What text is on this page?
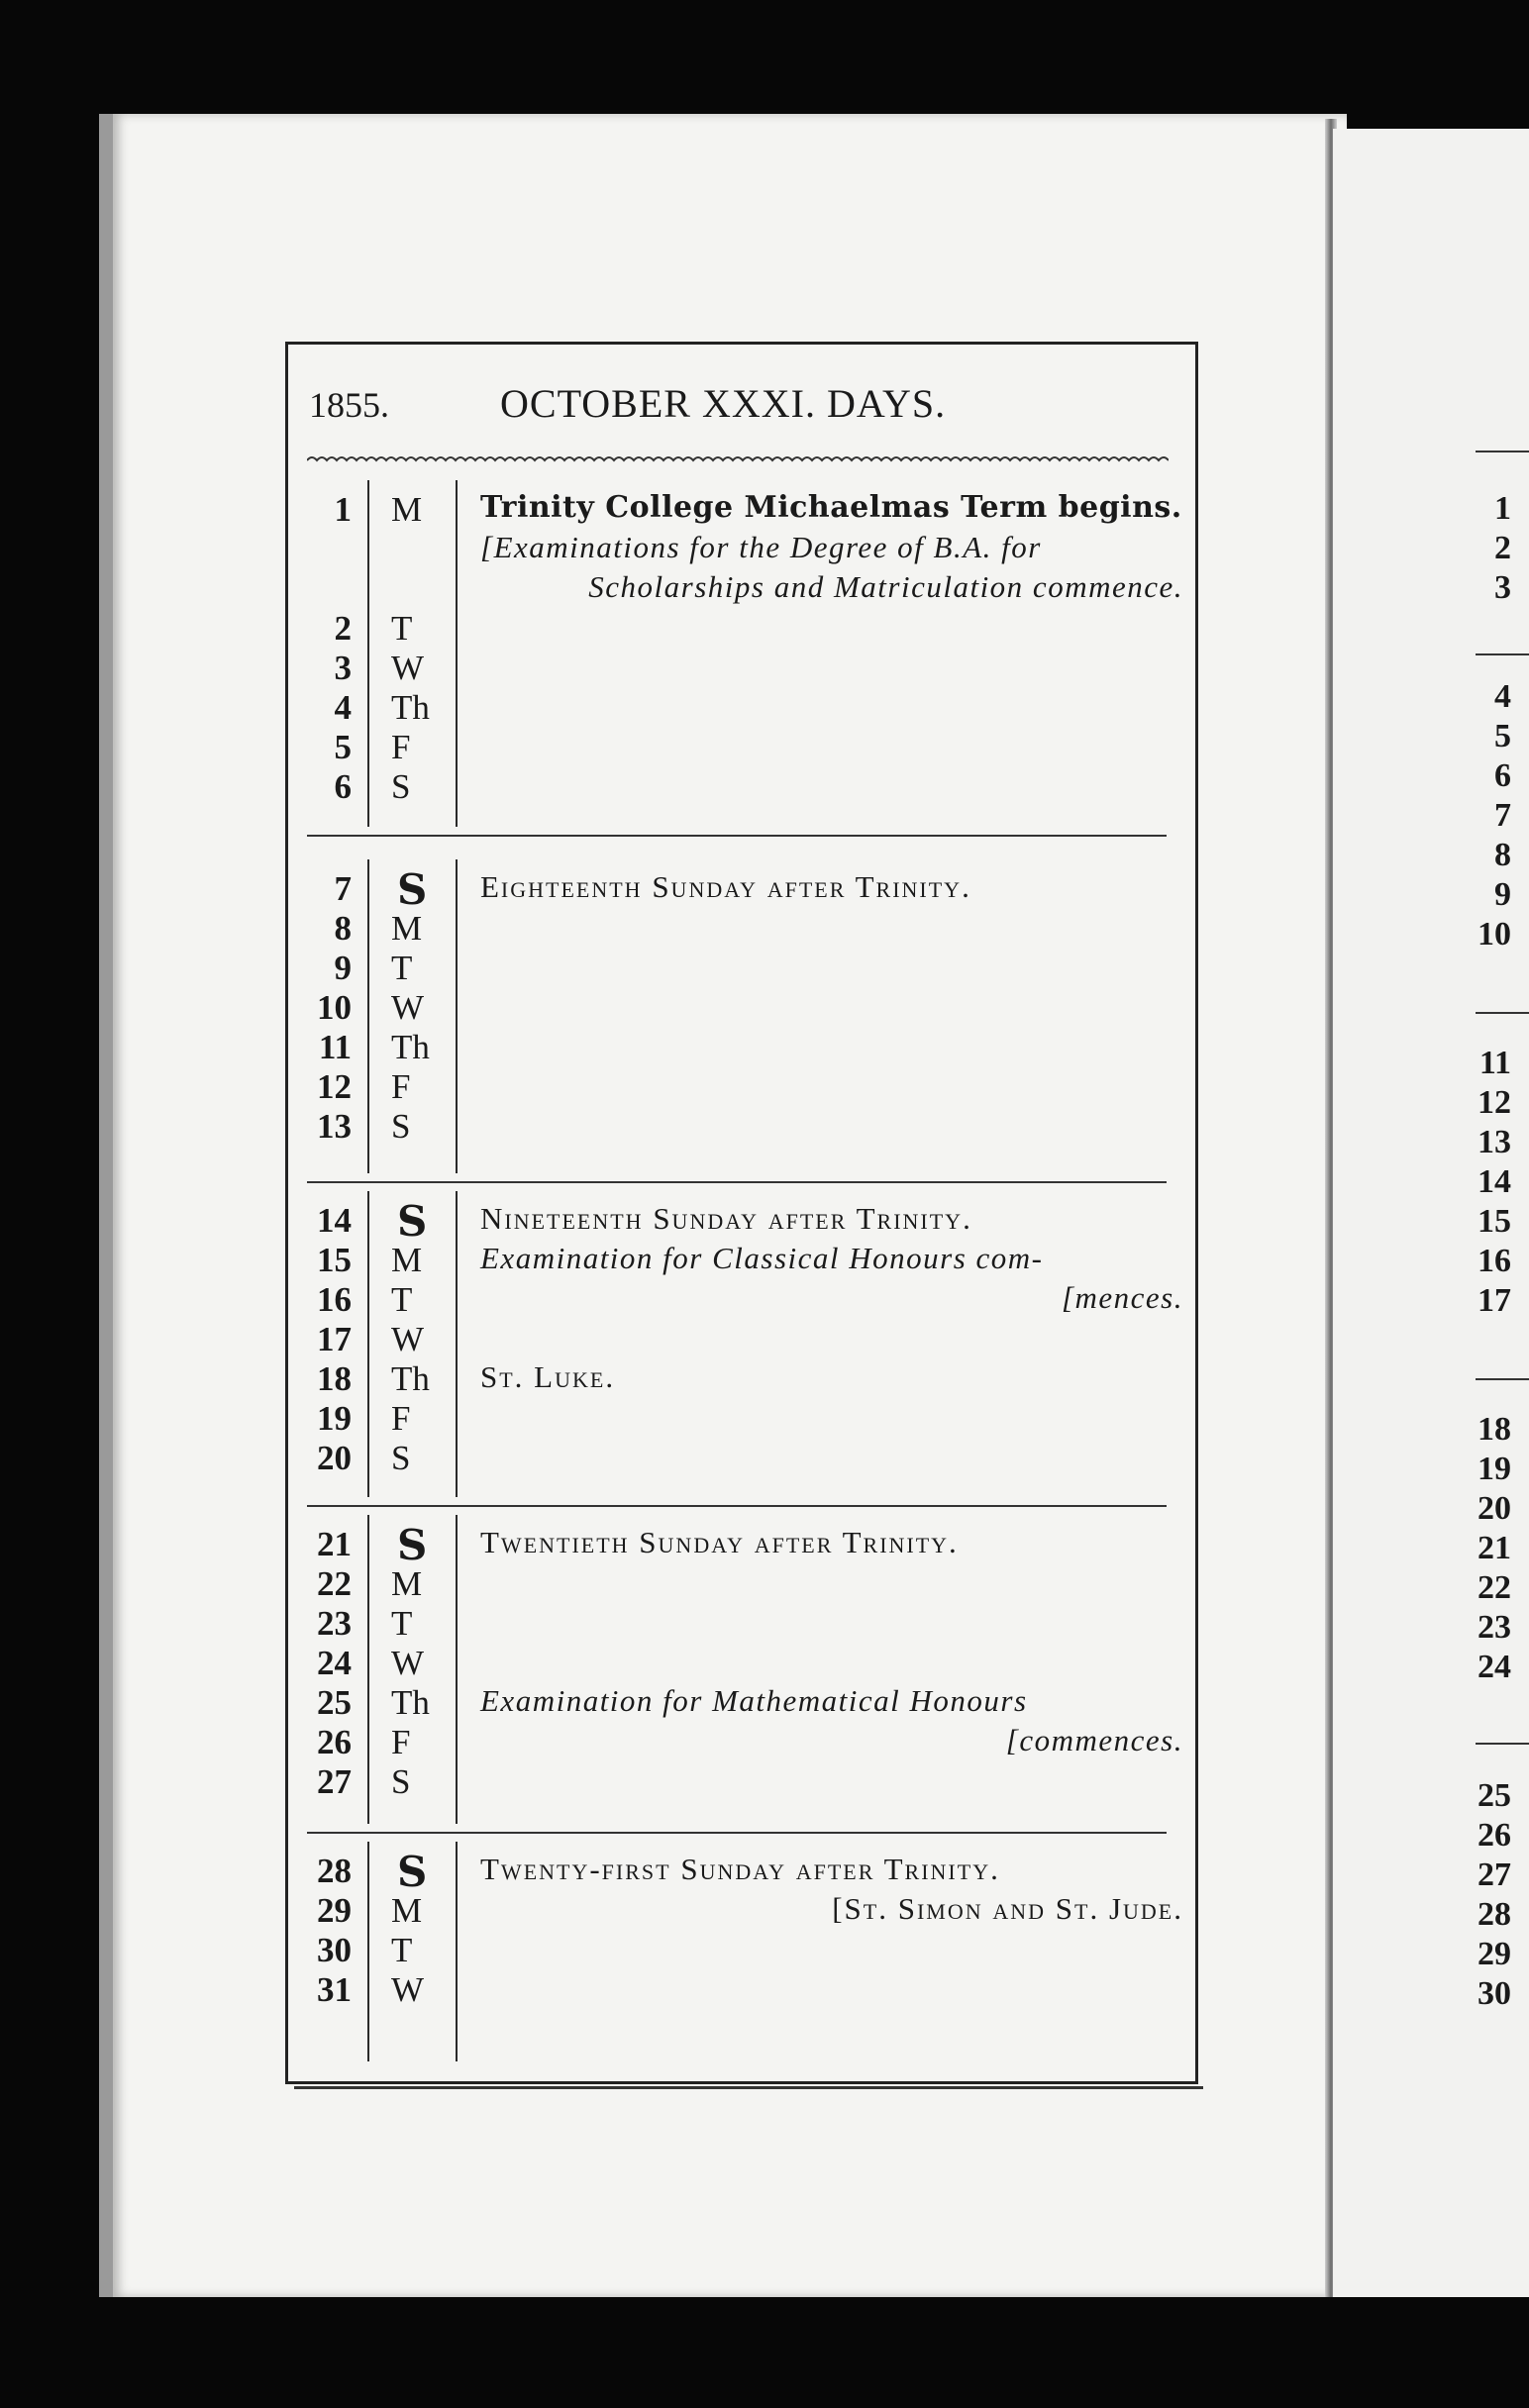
1855.	OCTOBER XXXI. DAYS.
1 M	Trinity College Michaelmas Term begins.
[Examinations for the Degree of B.A. for
Scholarships and Matriculation commence.
2 T
3 W
4 Th
5 F
6 S
7 S	Eighteenth Sunday after Trinity.
8 M
9 T
10 W
11 Th
12 F
13 S
14 S	Nineteenth Sunday after Trinity.
15 M	Examination for Classical Honours com-
16 T	[mences.
17 W
18 Th	St. Luke.
19 F
20 S
21 S	Twentieth Sunday after Trinity.
22 M
23 T
24 W
25 Th	Examination for Mathematical Honours
26 F	[commences.
27 S
28 S	Twenty-first Sunday after Trinity.
29 M	[St. Simon and St. Jude.
30 T
31 W
1
2
3
4
5
6
7
8
9
10
11
12
13
14
15
16
17
18
19
20
21
22
23
24
25
26
27
28
29
30
